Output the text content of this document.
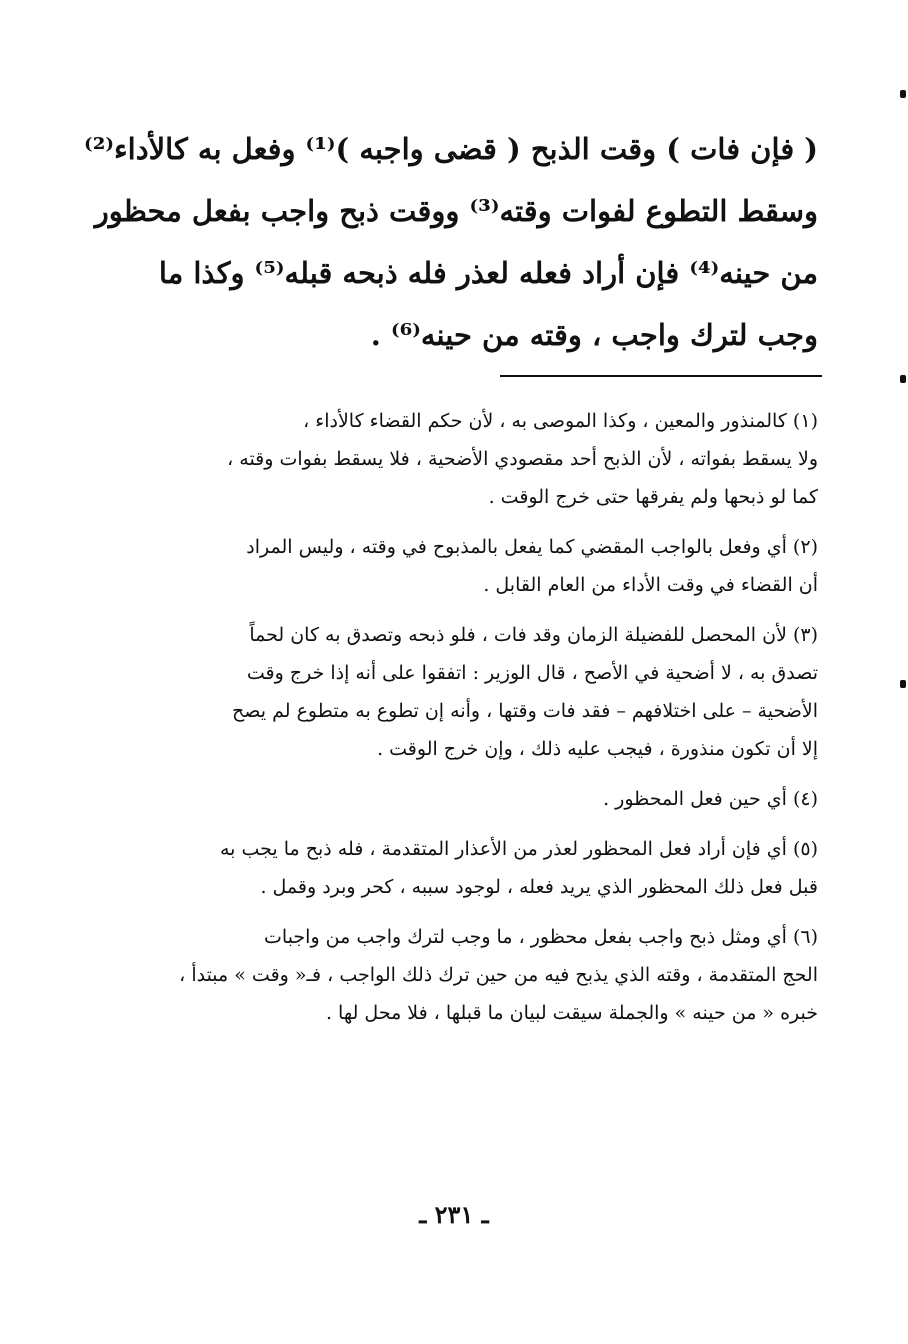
( فإن فات ) وقت الذبح ( قضى واجبه )⁽¹⁾ وفعل به كالأداء⁽²⁾
وسقط التطوع لفوات وقته⁽³⁾ ووقت ذبح واجب بفعل محظور
من حينه⁽⁴⁾ فإن أراد فعله لعذر فله ذبحه قبله⁽⁵⁾ وكذا ما
وجب لترك واجب ، وقته من حينه⁽⁶⁾ .
(١) كالمنذور والمعين ، وكذا الموصى به ، لأن حكم القضاء كالأداء ،
ولا يسقط بفواته ، لأن الذبح أحد مقصودي الأضحية ، فلا يسقط بفوات وقته ،
كما لو ذبحها ولم يفرقها حتى خرج الوقت .
(٢) أي وفعل بالواجب المقضي كما يفعل بالمذبوح في وقته ، وليس المراد
أن القضاء في وقت الأداء من العام القابل .
(٣) لأن المحصل للفضيلة الزمان وقد فات ، فلو ذبحه وتصدق به كان لحماً
تصدق به ، لا أضحية في الأصح ، قال الوزير : اتفقوا على أنه إذا خرج وقت
الأضحية – على اختلافهم – فقد فات وقتها ، وأنه إن تطوع به متطوع لم يصح
إلا أن تكون منذورة ، فيجب عليه ذلك ، وإن خرج الوقت .
(٤) أي حين فعل المحظور .
(٥) أي فإن أراد فعل المحظور لعذر من الأعذار المتقدمة ، فله ذبح ما يجب به
قبل فعل ذلك المحظور الذي يريد فعله ، لوجود سببه ، كحر وبرد وقمل .
(٦) أي ومثل ذبح واجب بفعل محظور ، ما وجب لترك واجب من واجبات
الحج المتقدمة ، وقته الذي يذبح فيه من حين ترك ذلك الواجب ، فـ« وقت » مبتدأ ،
خبره « من حينه » والجملة سيقت لبيان ما قبلها ، فلا محل لها .
ـ ٢٣١ ـ
